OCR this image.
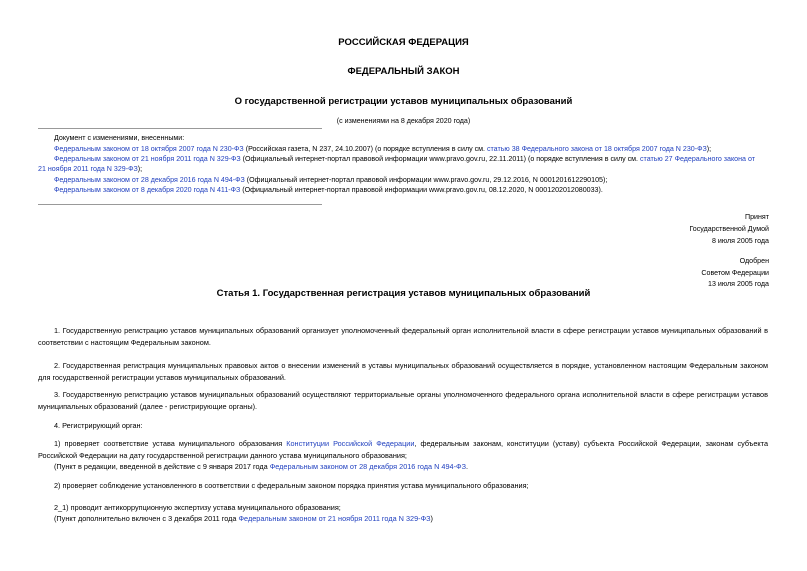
РОССИЙСКАЯ ФЕДЕРАЦИЯ
ФЕДЕРАЛЬНЫЙ ЗАКОН
О государственной регистрации уставов муниципальных образований
(с изменениями на 8 декабря 2020 года)
Документ с изменениями, внесенными:
Федеральным законом от 18 октября 2007 года N 230-ФЗ (Российская газета, N 237, 24.10.2007) (о порядке вступления в силу см. статью 38 Федерального закона от 18 октября 2007 года N 230-ФЗ);
Федеральным законом от 21 ноября 2011 года N 329-ФЗ (Официальный интернет-портал правовой информации www.pravo.gov.ru, 22.11.2011) (о порядке вступления в силу см. статью 27 Федерального закона от
21 ноября 2011 года N 329-ФЗ);
Федеральным законом от 28 декабря 2016 года N 494-ФЗ (Официальный интернет-портал правовой информации www.pravo.gov.ru, 29.12.2016, N 0001201612290105);
Федеральным законом от 8 декабря 2020 года N 411-ФЗ (Официальный интернет-портал правовой информации www.pravo.gov.ru, 08.12.2020, N 0001202012080033).
Принят
Государственной Думой
8 июля 2005 года
Одобрен
Советом Федерации
13 июля 2005 года
Статья 1. Государственная регистрация уставов муниципальных образований
1. Государственную регистрацию уставов муниципальных образований организует уполномоченный федеральный орган исполнительной власти в сфере регистрации уставов муниципальных образований в соответствии с настоящим Федеральным законом.
2. Государственная регистрация муниципальных правовых актов о внесении изменений в уставы муниципальных образований осуществляется в порядке, установленном настоящим Федеральным законом для государственной регистрации уставов муниципальных образований.
3. Государственную регистрацию уставов муниципальных образований осуществляют территориальные органы уполномоченного федерального органа исполнительной власти в сфере регистрации уставов муниципальных образований (далее - регистрирующие органы).
4. Регистрирующий орган:
1) проверяет соответствие устава муниципального образования Конституции Российской Федерации, федеральным законам, конституции (уставу) субъекта Российской Федерации, законам субъекта Российской Федерации на дату государственной регистрации данного устава муниципального образования;
(Пункт в редакции, введенной в действие с 9 января 2017 года Федеральным законом от 28 декабря 2016 года N 494-ФЗ.
2) проверяет соблюдение установленного в соответствии с федеральным законом порядка принятия устава муниципального образования;
2_1) проводит антикоррупционную экспертизу устава муниципального образования;
(Пункт дополнительно включен с 3 декабря 2011 года Федеральным законом от 21 ноября 2011 года N 329-ФЗ)
